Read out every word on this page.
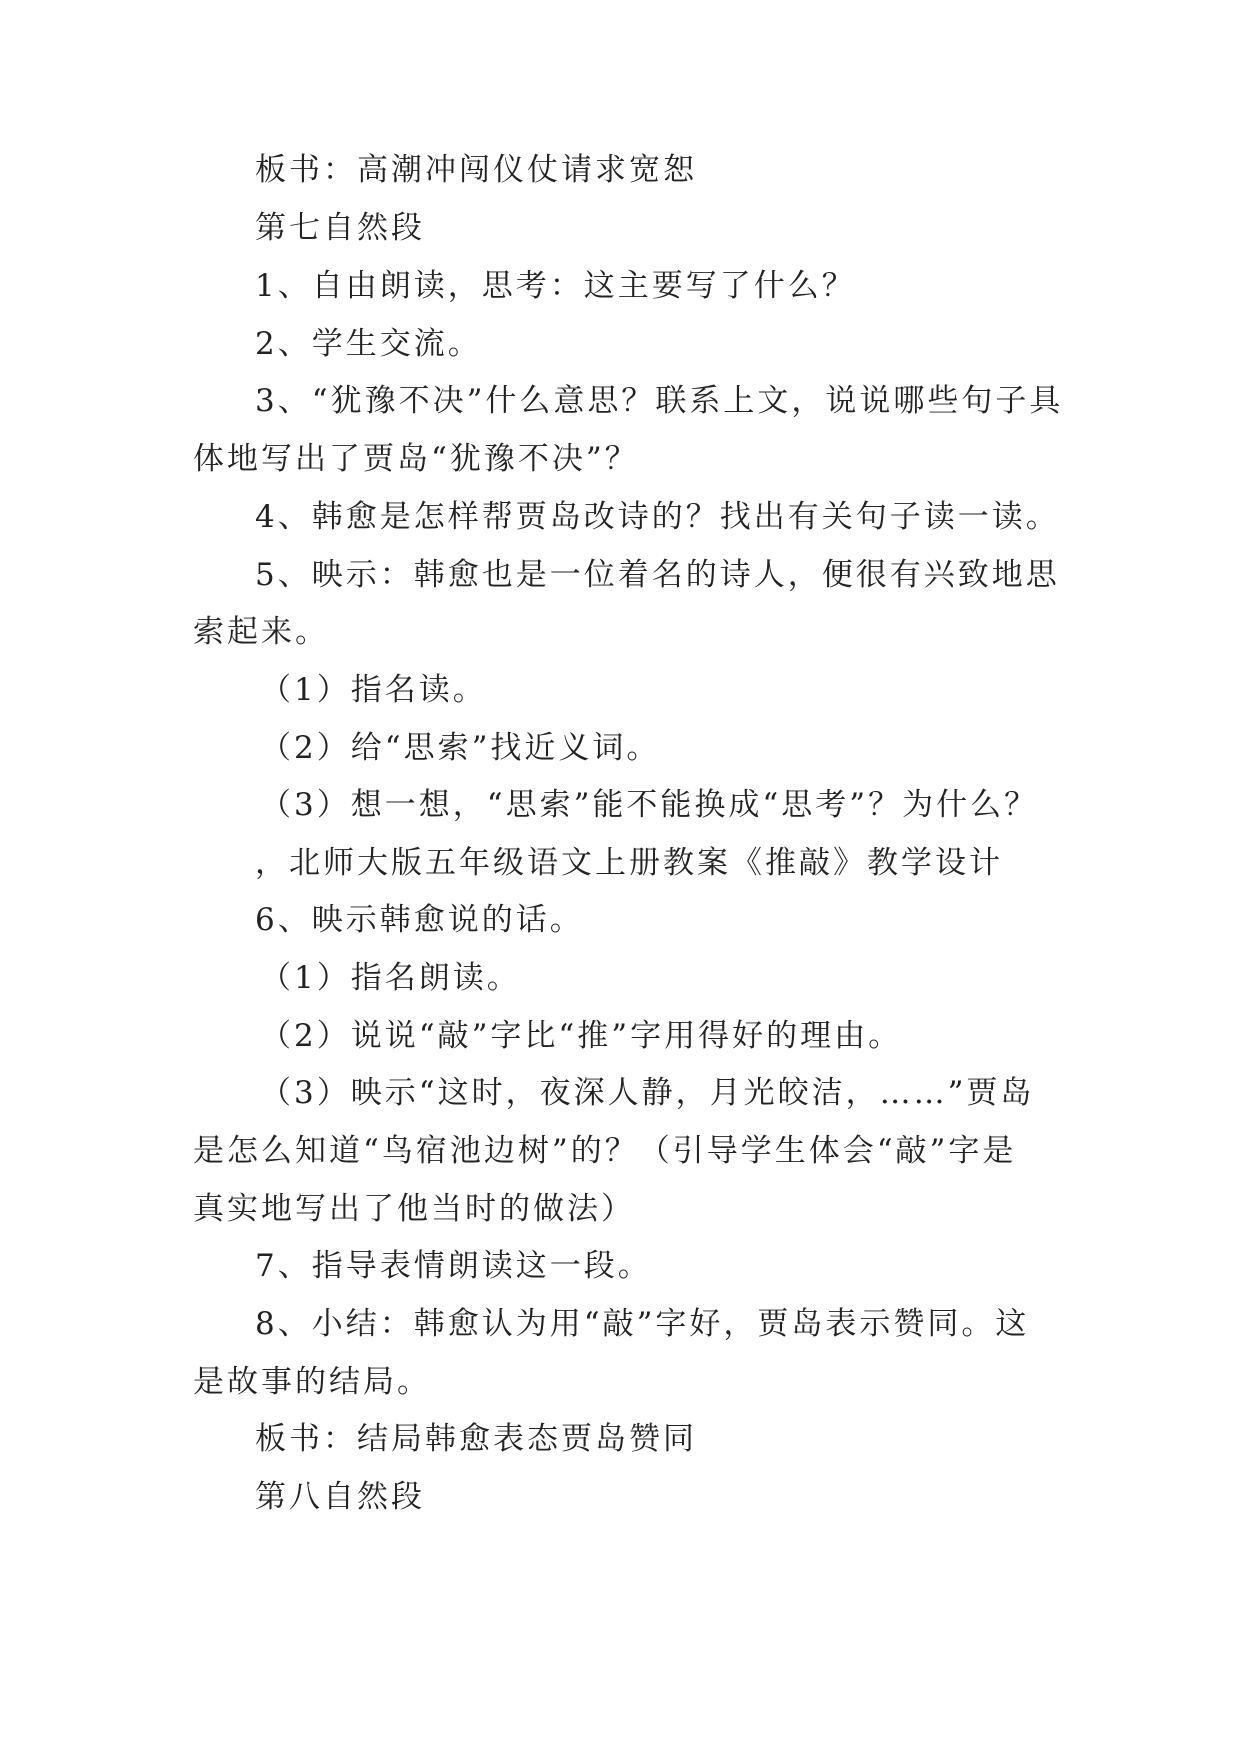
板书：高潮冲闯仪仗请求宽恕
第七自然段
1、自由朗读，思考：这主要写了什么？
2、学生交流。
3、“犹豫不决”什么意思？联系上文，说说哪些句子具
体地写出了贾岛“犹豫不决”？
4、韩愈是怎样帮贾岛改诗的？找出有关句子读一读。
5、映示：韩愈也是一位着名的诗人，便很有兴致地思
索起来。
（1）指名读。
（2）给“思索”找近义词。
（3）想一想，“思索”能不能换成“思考”？为什么？
，北师大版五年级语文上册教案《推敲》教学设计
6、映示韩愈说的话。
（1）指名朗读。
（2）说说“敲”字比“推”字用得好的理由。
（3）映示“这时，夜深人静，月光皎洁，……”贾岛
是怎么知道“鸟宿池边树”的？（引导学生体会“敲”字是
真实地写出了他当时的做法）
7、指导表情朗读这一段。
8、小结：韩愈认为用“敲”字好，贾岛表示赞同。这
是故事的结局。
板书：结局韩愈表态贾岛赞同
第八自然段
